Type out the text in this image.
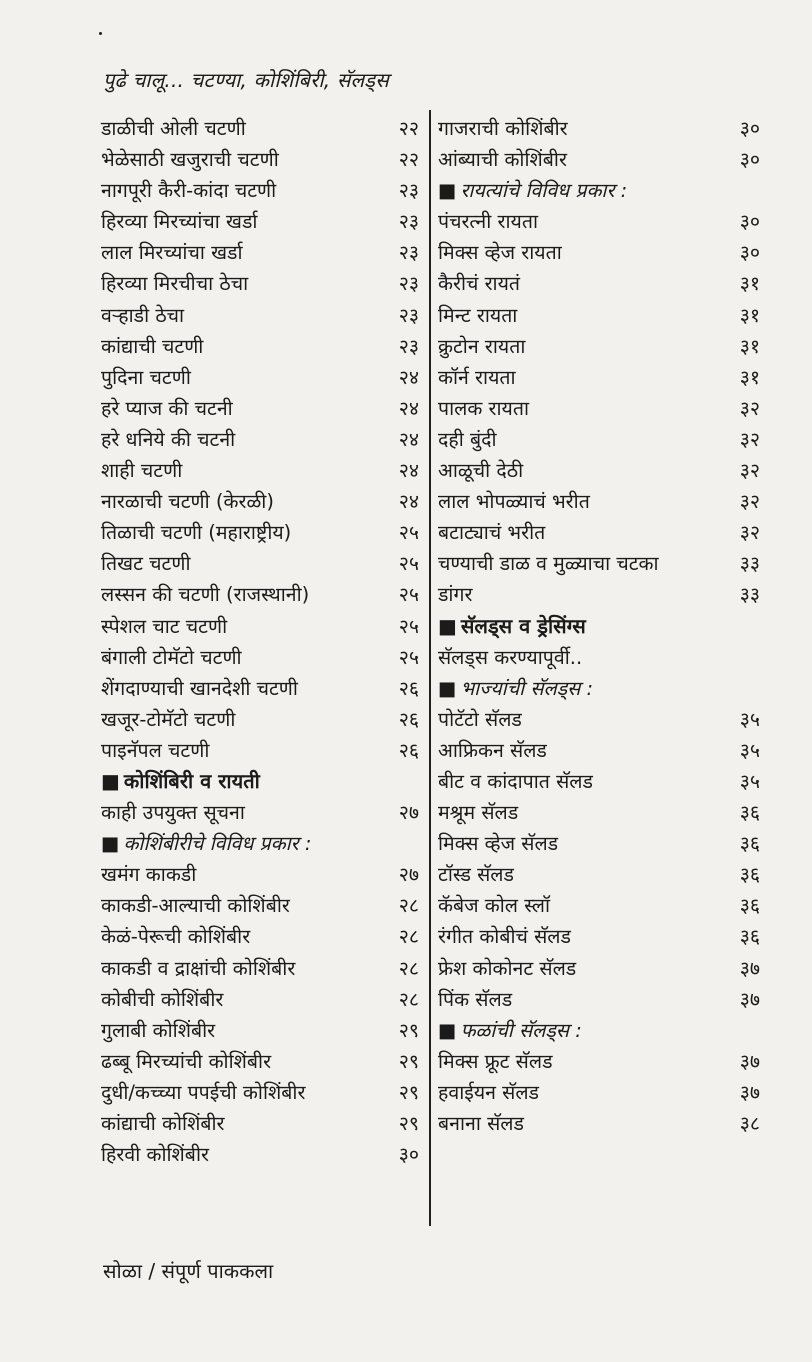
पुढे चालू... चटण्या, कोशिंबिरी, सॅलड्स
डाळीची ओली चटणी	२२
भेळेसाठी खजुराची चटणी	२२
नागपूरी कैरी-कांदा चटणी	२३
हिरव्या मिरच्यांचा खर्डा	२३
लाल मिरच्यांचा खर्डा	२३
हिरव्या मिरचीचा ठेचा	२३
वऱ्हाडी ठेचा	२३
कांद्याची चटणी	२३
पुदिना चटणी	२४
हरे प्याज की चटनी	२४
हरे धनिये की चटनी	२४
शाही चटणी	२४
नारळाची चटणी (केरळी)	२४
तिळाची चटणी (महाराष्ट्रीय)	२५
तिखट चटणी	२५
लस्सन की चटणी (राजस्थानी)	२५
स्पेशल चाट चटणी	२५
बंगाली टोमॅटो चटणी	२५
शेंगदाण्याची खानदेशी चटणी	२६
खजूर-टोमॅटो चटणी	२६
पाइनॅपल चटणी	२६
■ कोशिंबिरी व रायती
काही उपयुक्त सूचना	२७
■ कोशिंबीरीचे विविध प्रकार :
खमंग काकडी	२७
काकडी-आल्याची कोशिंबीर	२८
केळं-पेरूची कोशिंबीर	२८
काकडी व द्राक्षांची कोशिंबीर	२८
कोबीची कोशिंबीर	२८
गुलाबी कोशिंबीर	२९
ढब्बू मिरच्यांची कोशिंबीर	२९
दुधी/कच्च्या पपईची कोशिंबीर	२९
कांद्याची कोशिंबीर	२९
हिरवी कोशिंबीर	३०
गाजराची कोशिंबीर	३०
आंब्याची कोशिंबीर	३०
■ रायत्यांचे विविध प्रकार :
पंचरत्नी रायता	३०
मिक्स व्हेज रायता	३०
कैरीचं रायतं	३१
मिन्ट रायता	३१
क्रुटोन रायता	३१
कॉर्न रायता	३१
पालक रायता	३२
दही बुंदी	३२
आळूची देठी	३२
लाल भोपळ्याचं भरीत	३२
बटाट्याचं भरीत	३२
चण्याची डाळ व मुळ्याचा चटका	३३
डांगर	३३
■ सॅलड्स व ड्रेसिंग्स
सॅलड्स करण्यापूर्वी..
■ भाज्यांची सॅलड्स :
पोटॅटो सॅलड	३५
आफ्रिकन सॅलड	३५
बीट व कांदापात सॅलड	३५
मश्रूम सॅलड	३६
मिक्स व्हेज सॅलड	३६
टॉस्ड सॅलड	३६
कॅबेज कोल स्लॉ	३६
रंगीत कोबीचं सॅलड	३६
फ्रेश कोकोनट सॅलड	३७
पिंक सॅलड	३७
■ फळांची सॅलड्स :
मिक्स फ्रूट सॅलड	३७
हवाईयन सॅलड	३७
बनाना सॅलड	३८
सोळा / संपूर्ण पाककला
